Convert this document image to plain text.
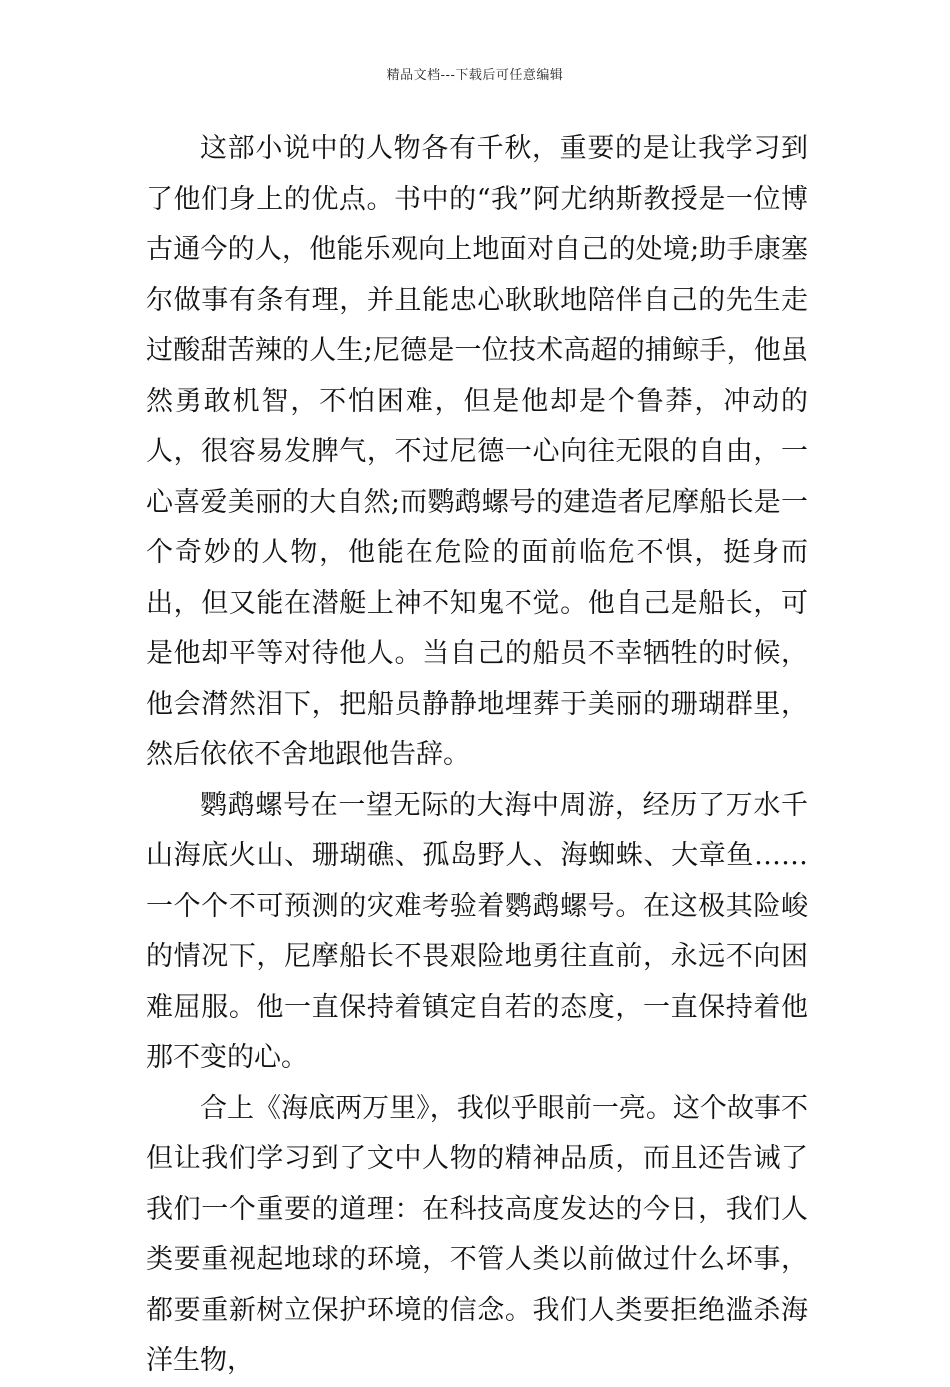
精品文档---下载后可任意编辑

这部小说中的人物各有千秋，重要的是让我学习到了他们身上的优点。书中的“我”阿尤纳斯教授是一位博古通今的人，他能乐观向上地面对自己的处境;助手康塞尔做事有条有理，并且能忠心耿耿地陪伴自己的先生走过酸甜苦辣的人生;尼德是一位技术高超的捕鲸手，他虽然勇敢机智，不怕困难，但是他却是个鲁莽，冲动的人，很容易发脾气，不过尼德一心向往无限的自由，一心喜爱美丽的大自然;而鹦鹉螺号的建造者尼摩船长是一个奇妙的人物，他能在危险的面前临危不惧，挺身而出，但又能在潜艇上神不知鬼不觉。他自己是船长，可是他却平等对待他人。当自己的船员不幸牺牲的时候，他会潸然泪下，把船员静静地埋葬于美丽的珊瑚群里，然后依依不舍地跟他告辞。

鹦鹉螺号在一望无际的大海中周游，经历了万水千山海底火山、珊瑚礁、孤岛野人、海蜘蛛、大章鱼……一个个不可预测的灾难考验着鹦鹉螺号。在这极其险峻的情况下，尼摩船长不畏艰险地勇往直前，永远不向困难屈服。他一直保持着镇定自若的态度，一直保持着他那不变的心。

合上《海底两万里》，我似乎眼前一亮。这个故事不但让我们学习到了文中人物的精神品质，而且还告诫了我们一个重要的道理：在科技高度发达的今日，我们人类要重视起地球的环境，不管人类以前做过什么坏事，都要重新树立保护环境的信念。我们人类要拒绝滥杀海洋生物，
